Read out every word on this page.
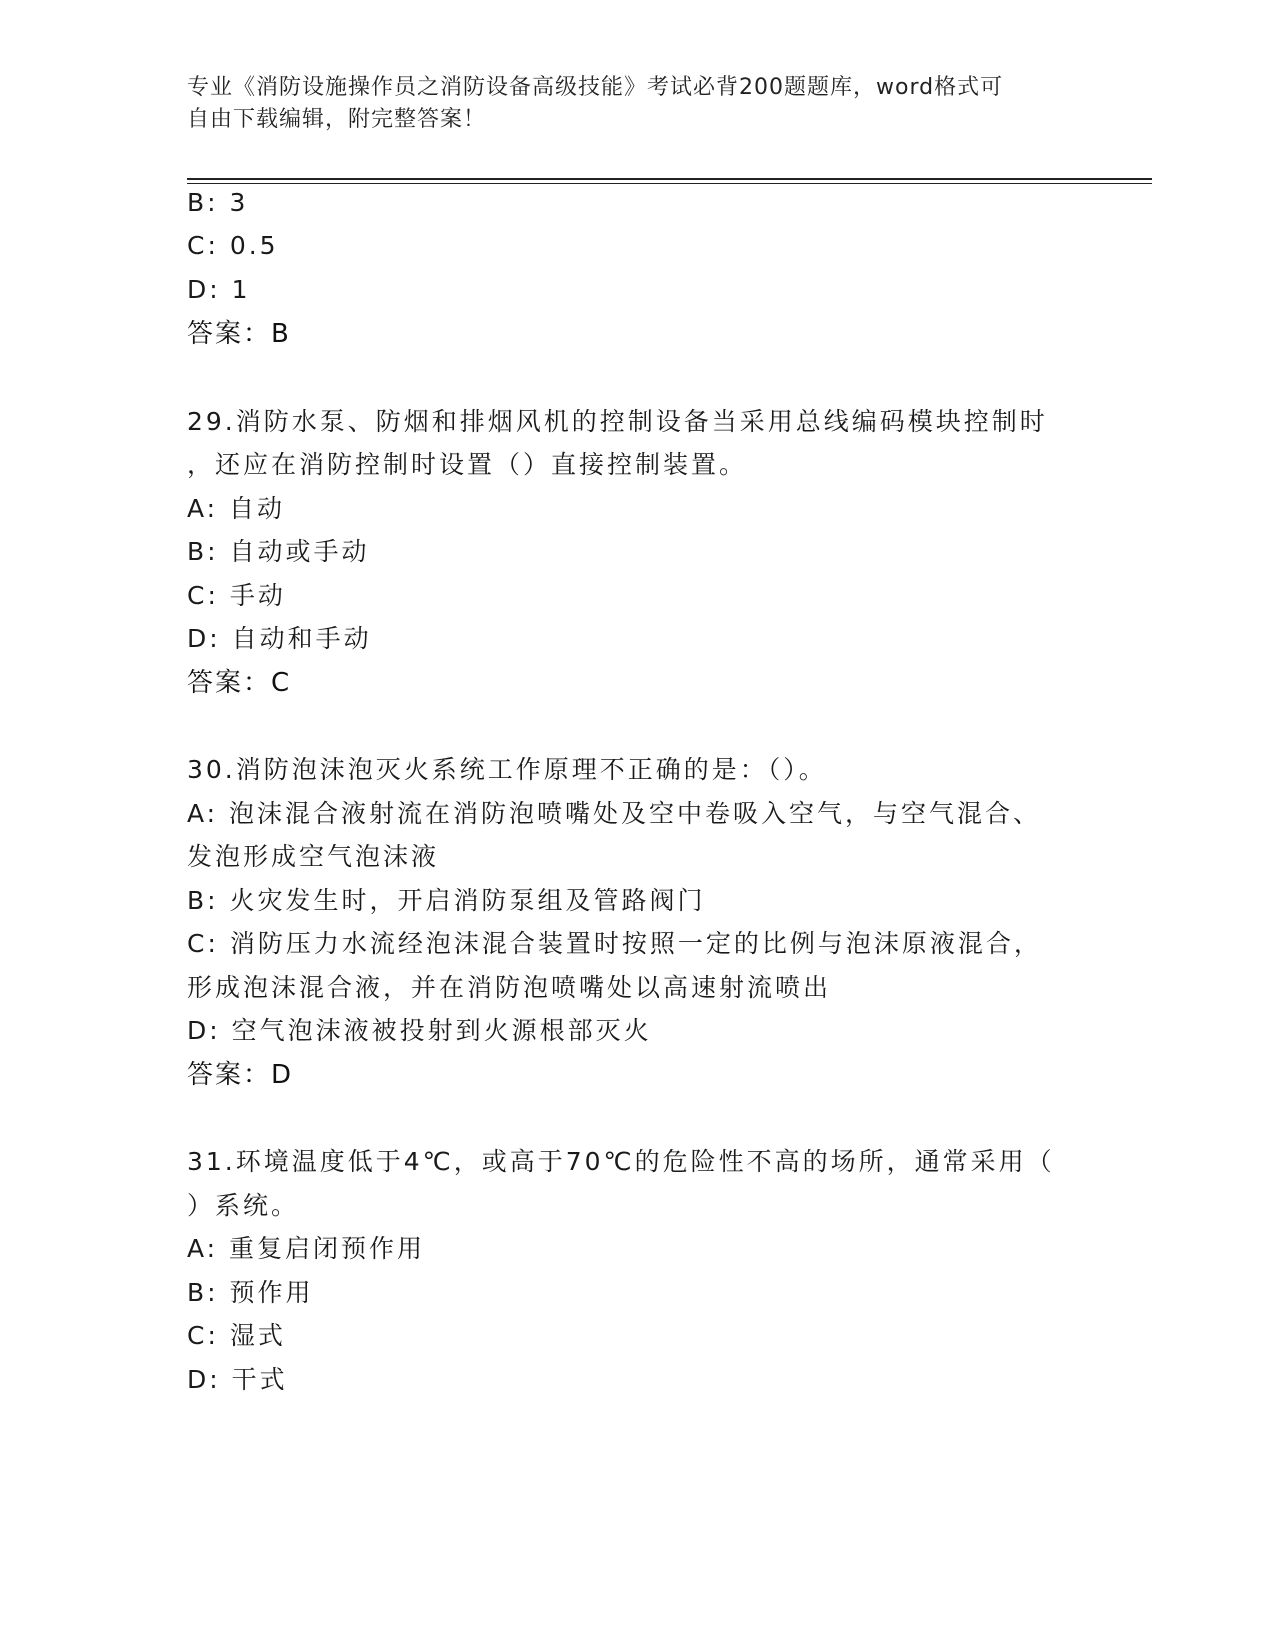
专业《消防设施操作员之消防设备高级技能》考试必背200题题库，word格式可
自由下载编辑，附完整答案！
B: 3
C: 0.5
D: 1
答案：B
29.消防水泵、防烟和排烟风机的控制设备当采用总线编码模块控制时
，还应在消防控制时设置（）直接控制装置。
A: 自动
B: 自动或手动
C: 手动
D: 自动和手动
答案：C
30.消防泡沫泡灭火系统工作原理不正确的是：（）。
A: 泡沫混合液射流在消防泡喷嘴处及空中卷吸入空气，与空气混合、
发泡形成空气泡沫液
B: 火灾发生时，开启消防泵组及管路阀门
C: 消防压力水流经泡沫混合装置时按照一定的比例与泡沫原液混合，
形成泡沫混合液，并在消防泡喷嘴处以高速射流喷出
D: 空气泡沫液被投射到火源根部灭火
答案：D
31.环境温度低于4℃，或高于70℃的危险性不高的场所，通常采用（
）系统。
A: 重复启闭预作用
B: 预作用
C: 湿式
D: 干式
